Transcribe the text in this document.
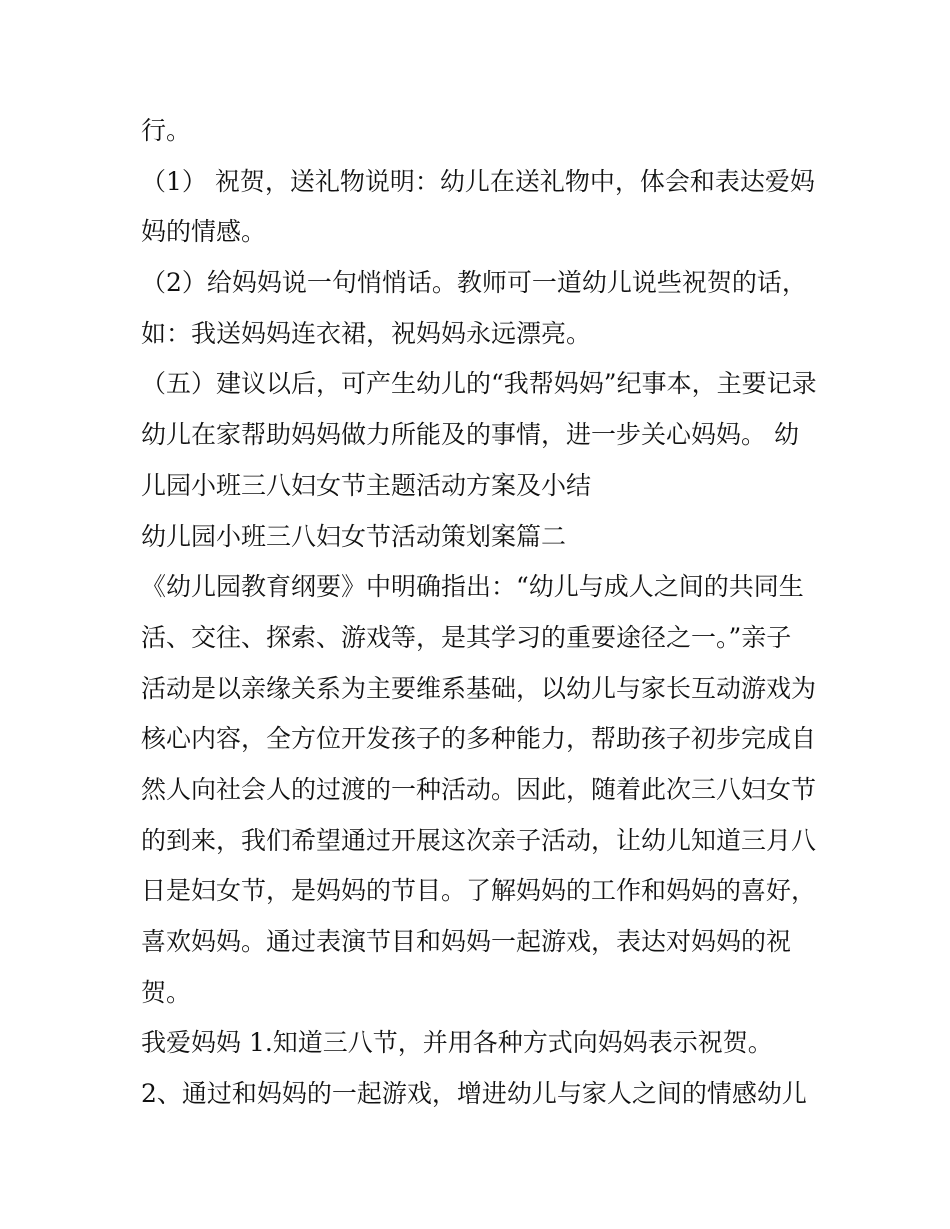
行。
（1） 祝贺，送礼物说明：幼儿在送礼物中，体会和表达爱妈
妈的情感。
（2）给妈妈说一句悄悄话。教师可一道幼儿说些祝贺的话，
如：我送妈妈连衣裙，祝妈妈永远漂亮。
（五）建议以后，可产生幼儿的“我帮妈妈”纪事本，主要记录
幼儿在家帮助妈妈做力所能及的事情，进一步关心妈妈。 幼
儿园小班三八妇女节主题活动方案及小结
幼儿园小班三八妇女节活动策划案篇二
《幼儿园教育纲要》中明确指出：“幼儿与成人之间的共同生
活、交往、探索、游戏等，是其学习的重要途径之一。”亲子
活动是以亲缘关系为主要维系基础，以幼儿与家长互动游戏为
核心内容，全方位开发孩子的多种能力，帮助孩子初步完成自
然人向社会人的过渡的一种活动。因此，随着此次三八妇女节
的到来，我们希望通过开展这次亲子活动，让幼儿知道三月八
日是妇女节，是妈妈的节目。了解妈妈的工作和妈妈的喜好，
喜欢妈妈。通过表演节目和妈妈一起游戏，表达对妈妈的祝
贺。
我爱妈妈 1.知道三八节，并用各种方式向妈妈表示祝贺。
2、通过和妈妈的一起游戏，增进幼儿与家人之间的情感幼儿
